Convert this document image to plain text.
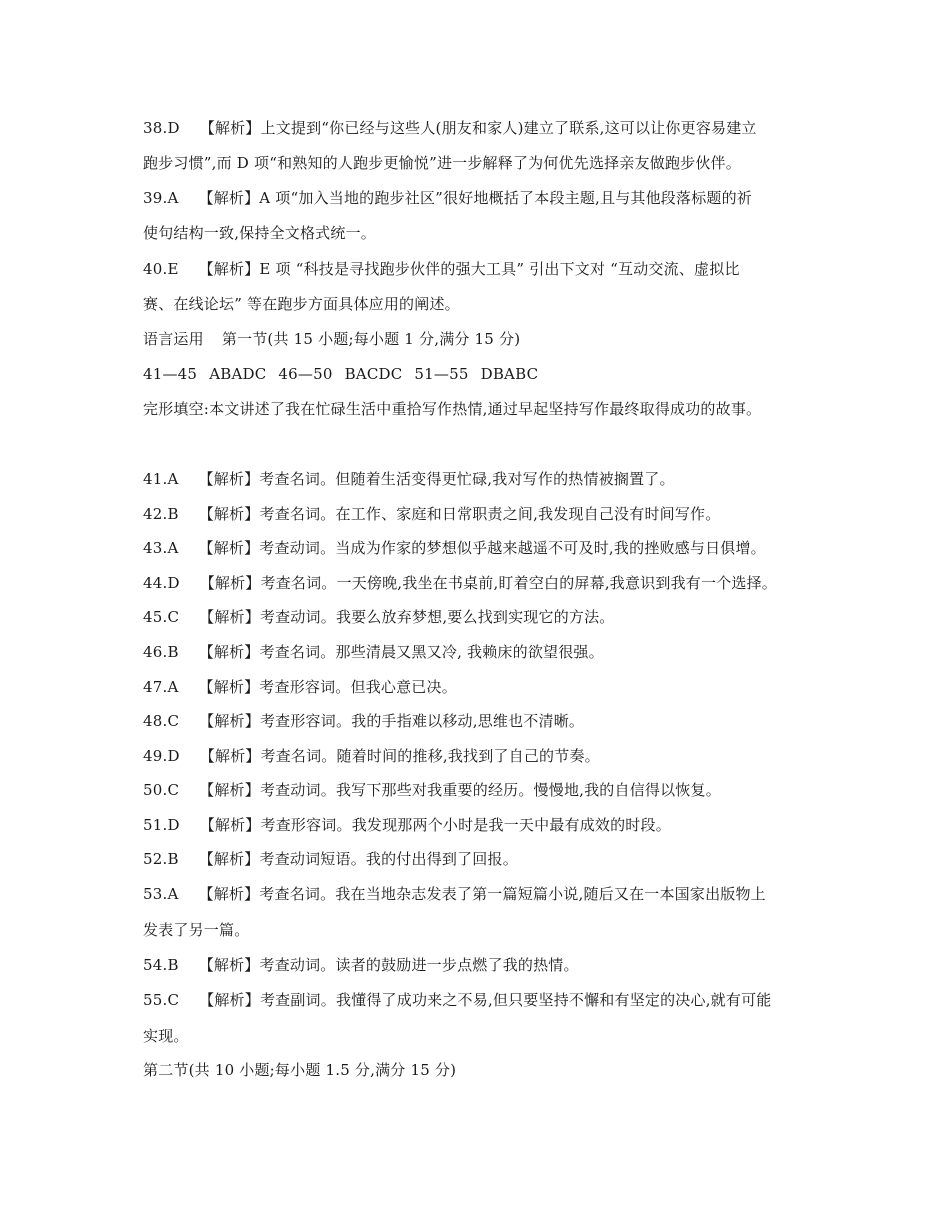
38.D 【解析】上文提到“你已经与这些人(朋友和家人)建立了联系,这可以让你更容易建立
跑步习惯”,而 D 项“和熟知的人跑步更愉悦”进一步解释了为何优先选择亲友做跑步伙伴。
39.A 【解析】A 项“加入当地的跑步社区”很好地概括了本段主题,且与其他段落标题的祈
使句结构一致,保持全文格式统一。
40.E 【解析】E 项 “科技是寻找跑步伙伴的强大工具” 引出下文对 “互动交流、虚拟比
赛、在线论坛” 等在跑步方面具体应用的阐述。
语言运用 第一节(共 15 小题;每小题 1 分,满分 15 分)
41—45 ABADC 46—50 BACDC 51—55 DBABC
完形填空:本文讲述了我在忙碌生活中重拾写作热情,通过早起坚持写作最终取得成功的故事。
41.A 【解析】考查名词。但随着生活变得更忙碌,我对写作的热情被搁置了。
42.B 【解析】考查名词。在工作、家庭和日常职责之间,我发现自己没有时间写作。
43.A 【解析】考查动词。当成为作家的梦想似乎越来越遥不可及时,我的挫败感与日俱增。
44.D 【解析】考查名词。一天傍晚,我坐在书桌前,盯着空白的屏幕,我意识到我有一个选择。
45.C 【解析】考查动词。我要么放弃梦想,要么找到实现它的方法。
46.B 【解析】考查名词。那些清晨又黑又冷, 我赖床的欲望很强。
47.A 【解析】考查形容词。但我心意已决。
48.C 【解析】考查形容词。我的手指难以移动,思维也不清晰。
49.D 【解析】考查名词。随着时间的推移,我找到了自己的节奏。
50.C 【解析】考查动词。我写下那些对我重要的经历。慢慢地,我的自信得以恢复。
51.D 【解析】考查形容词。我发现那两个小时是我一天中最有成效的时段。
52.B 【解析】考查动词短语。我的付出得到了回报。
53.A 【解析】考查名词。我在当地杂志发表了第一篇短篇小说,随后又在一本国家出版物上
发表了另一篇。
54.B 【解析】考查动词。读者的鼓励进一步点燃了我的热情。
55.C 【解析】考查副词。我懂得了成功来之不易,但只要坚持不懈和有坚定的决心,就有可能
实现。
第二节(共 10 小题;每小题 1.5 分,满分 15 分)
